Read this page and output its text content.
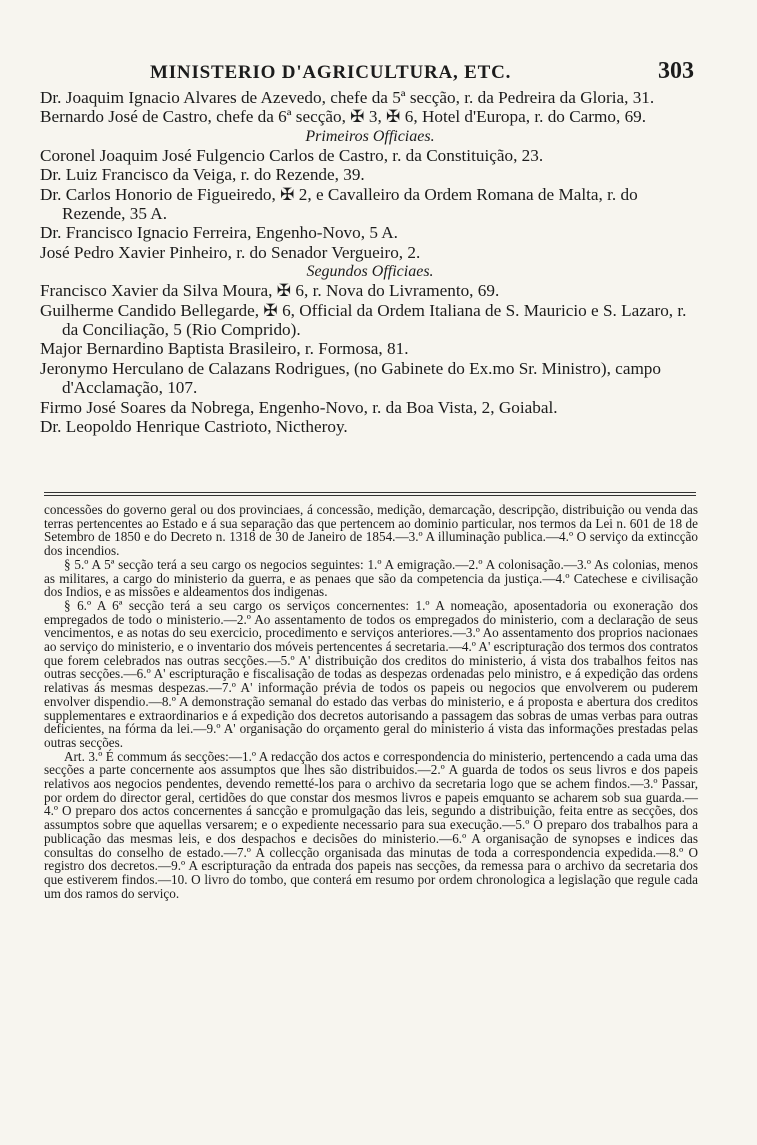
MINISTERIO D'AGRICULTURA, ETC.	303

Dr. Joaquim Ignacio Alvares de Azevedo, chefe da 5ª secção, r. da Pedreira da Gloria, 31.

Bernardo José de Castro, chefe da 6ª secção, ✠ 3, ✠ 6, Hotel d'Europa, r. do Carmo, 69.

Primeiros Officiaes.

Coronel Joaquim José Fulgencio Carlos de Castro, r. da Constituição, 23.

Dr. Luiz Francisco da Veiga, r. do Rezende, 39.

Dr. Carlos Honorio de Figueiredo, ✠ 2, e Cavalleiro da Ordem Romana de Malta, r. do Rezende, 35 A.

Dr. Francisco Ignacio Ferreira, Engenho-Novo, 5 A.

José Pedro Xavier Pinheiro, r. do Senador Vergueiro, 2.

Segundos Officiaes.

Francisco Xavier da Silva Moura, ✠ 6, r. Nova do Livramento, 69.

Guilherme Candido Bellegarde, ✠ 6, Official da Ordem Italiana de S. Mauricio e S. Lazaro, r. da Conciliação, 5 (Rio Comprido).

Major Bernardino Baptista Brasileiro, r. Formosa, 81.

Jeronymo Herculano de Calazans Rodrigues, (no Gabinete do Ex.mo Sr. Ministro), campo d'Acclamação, 107.

Firmo José Soares da Nobrega, Engenho-Novo, r. da Boa Vista, 2, Goiabal.

Dr. Leopoldo Henrique Castrioto, Nictheroy.

concessões do governo geral ou dos provinciaes, á concessão, medição, demarcação, descripção, distribuição ou venda das terras pertencentes ao Estado e á sua separação das que pertencem ao dominio particular, nos termos da Lei n. 601 de 18 de Setembro de 1850 e do Decreto n. 1318 de 30 de Janeiro de 1854.—3.º A illuminação publica.—4.º O serviço da extincção dos incendios.

§ 5.º A 5ª secção terá a seu cargo os negocios seguintes: 1.º A emigração.—2.º A colonisação.—3.º As colonias, menos as militares, a cargo do ministerio da guerra, e as penaes que são da competencia da justiça.—4.º Catechese e civilisação dos Indios, e as missões e aldeamentos dos indigenas.

§ 6.º A 6ª secção terá a seu cargo os serviços concernentes: 1.º A nomeação, aposentadoria ou exoneração dos empregados de todo o ministerio.—2.º Ao assentamento de todos os empregados do ministerio, com a declaração de seus vencimentos, e as notas do seu exercicio, procedimento e serviços anteriores.—3.º Ao assentamento dos proprios nacionaes ao serviço do ministerio, e o inventario dos móveis pertencentes á secretaria.—4.º A' escripturação dos termos dos contratos que forem celebrados nas outras secções.—5.º A' distribuição dos creditos do ministerio, á vista dos trabalhos feitos nas outras secções.—6.º A' escripturação e fiscalisação de todas as despezas ordenadas pelo ministro, e á expedição das ordens relativas ás mesmas despezas.—7.º A' informação prévia de todos os papeis ou negocios que envolverem ou puderem envolver dispendio.—8.º A demonstração semanal do estado das verbas do ministerio, e á proposta e abertura dos creditos supplementares e extraordinarios e á expedição dos decretos autorisando a passagem das sobras de umas verbas para outras deficientes, na fórma da lei.—9.º A' organisação do orçamento geral do ministerio á vista das informações prestadas pelas outras secções.

Art. 3.º É commum ás secções:—1.º A redacção dos actos e correspondencia do ministerio, pertencendo a cada uma das secções a parte concernente aos assumptos que lhes são distribuidos.—2.º A guarda de todos os seus livros e dos papeis relativos aos negocios pendentes, devendo remetté-los para o archivo da secretaria logo que se achem findos.—3.º Passar, por ordem do director geral, certidões do que constar dos mesmos livros e papeis emquanto se acharem sob sua guarda.—4.º O preparo dos actos concernentes á sancção e promulgação das leis, segundo a distribuição, feita entre as secções, dos assumptos sobre que aquellas versarem; e o expediente necessario para sua execução.—5.º O preparo dos trabalhos para a publicação das mesmas leis, e dos despachos e decisões do ministerio.—6.º A organisação de synopses e indices das consultas do conselho de estado.—7.º A collecção organisada das minutas de toda a correspondencia expedida.—8.º O registro dos decretos.—9.º A escripturação da entrada dos papeis nas secções, da remessa para o archivo da secretaria dos que estiverem findos.—10. O livro do tombo, que conterá em resumo por ordem chronologica a legislação que regule cada um dos ramos do serviço.
